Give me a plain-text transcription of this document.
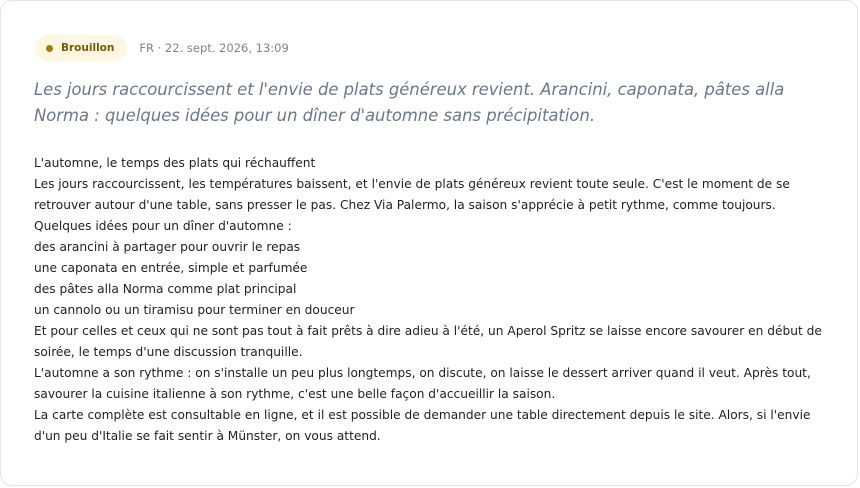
Brouillon FR · 22. sept. 2026, 13:09

Les jours raccourcissent et l'envie de plats généreux revient. Arancini, caponata, pâtes alla Norma : quelques idées pour un dîner d'automne sans précipitation.

L'automne, le temps des plats qui réchauffent

Les jours raccourcissent, les températures baissent, et l'envie de plats généreux revient toute seule. C'est le moment de se retrouver autour d'une table, sans presser le pas. Chez Via Palermo, la saison s'apprécie à petit rythme, comme toujours.

Quelques idées pour un dîner d'automne :

des arancini à partager pour ouvrir le repas

une caponata en entrée, simple et parfumée

des pâtes alla Norma comme plat principal

un cannolo ou un tiramisu pour terminer en douceur

Et pour celles et ceux qui ne sont pas tout à fait prêts à dire adieu à l'été, un Aperol Spritz se laisse encore savourer en début de soirée, le temps d'une discussion tranquille.

L'automne a son rythme : on s'installe un peu plus longtemps, on discute, on laisse le dessert arriver quand il veut. Après tout, savourer la cuisine italienne à son rythme, c'est une belle façon d'accueillir la saison.

La carte complète est consultable en ligne, et il est possible de demander une table directement depuis le site. Alors, si l'envie d'un peu d'Italie se fait sentir à Münster, on vous attend.
